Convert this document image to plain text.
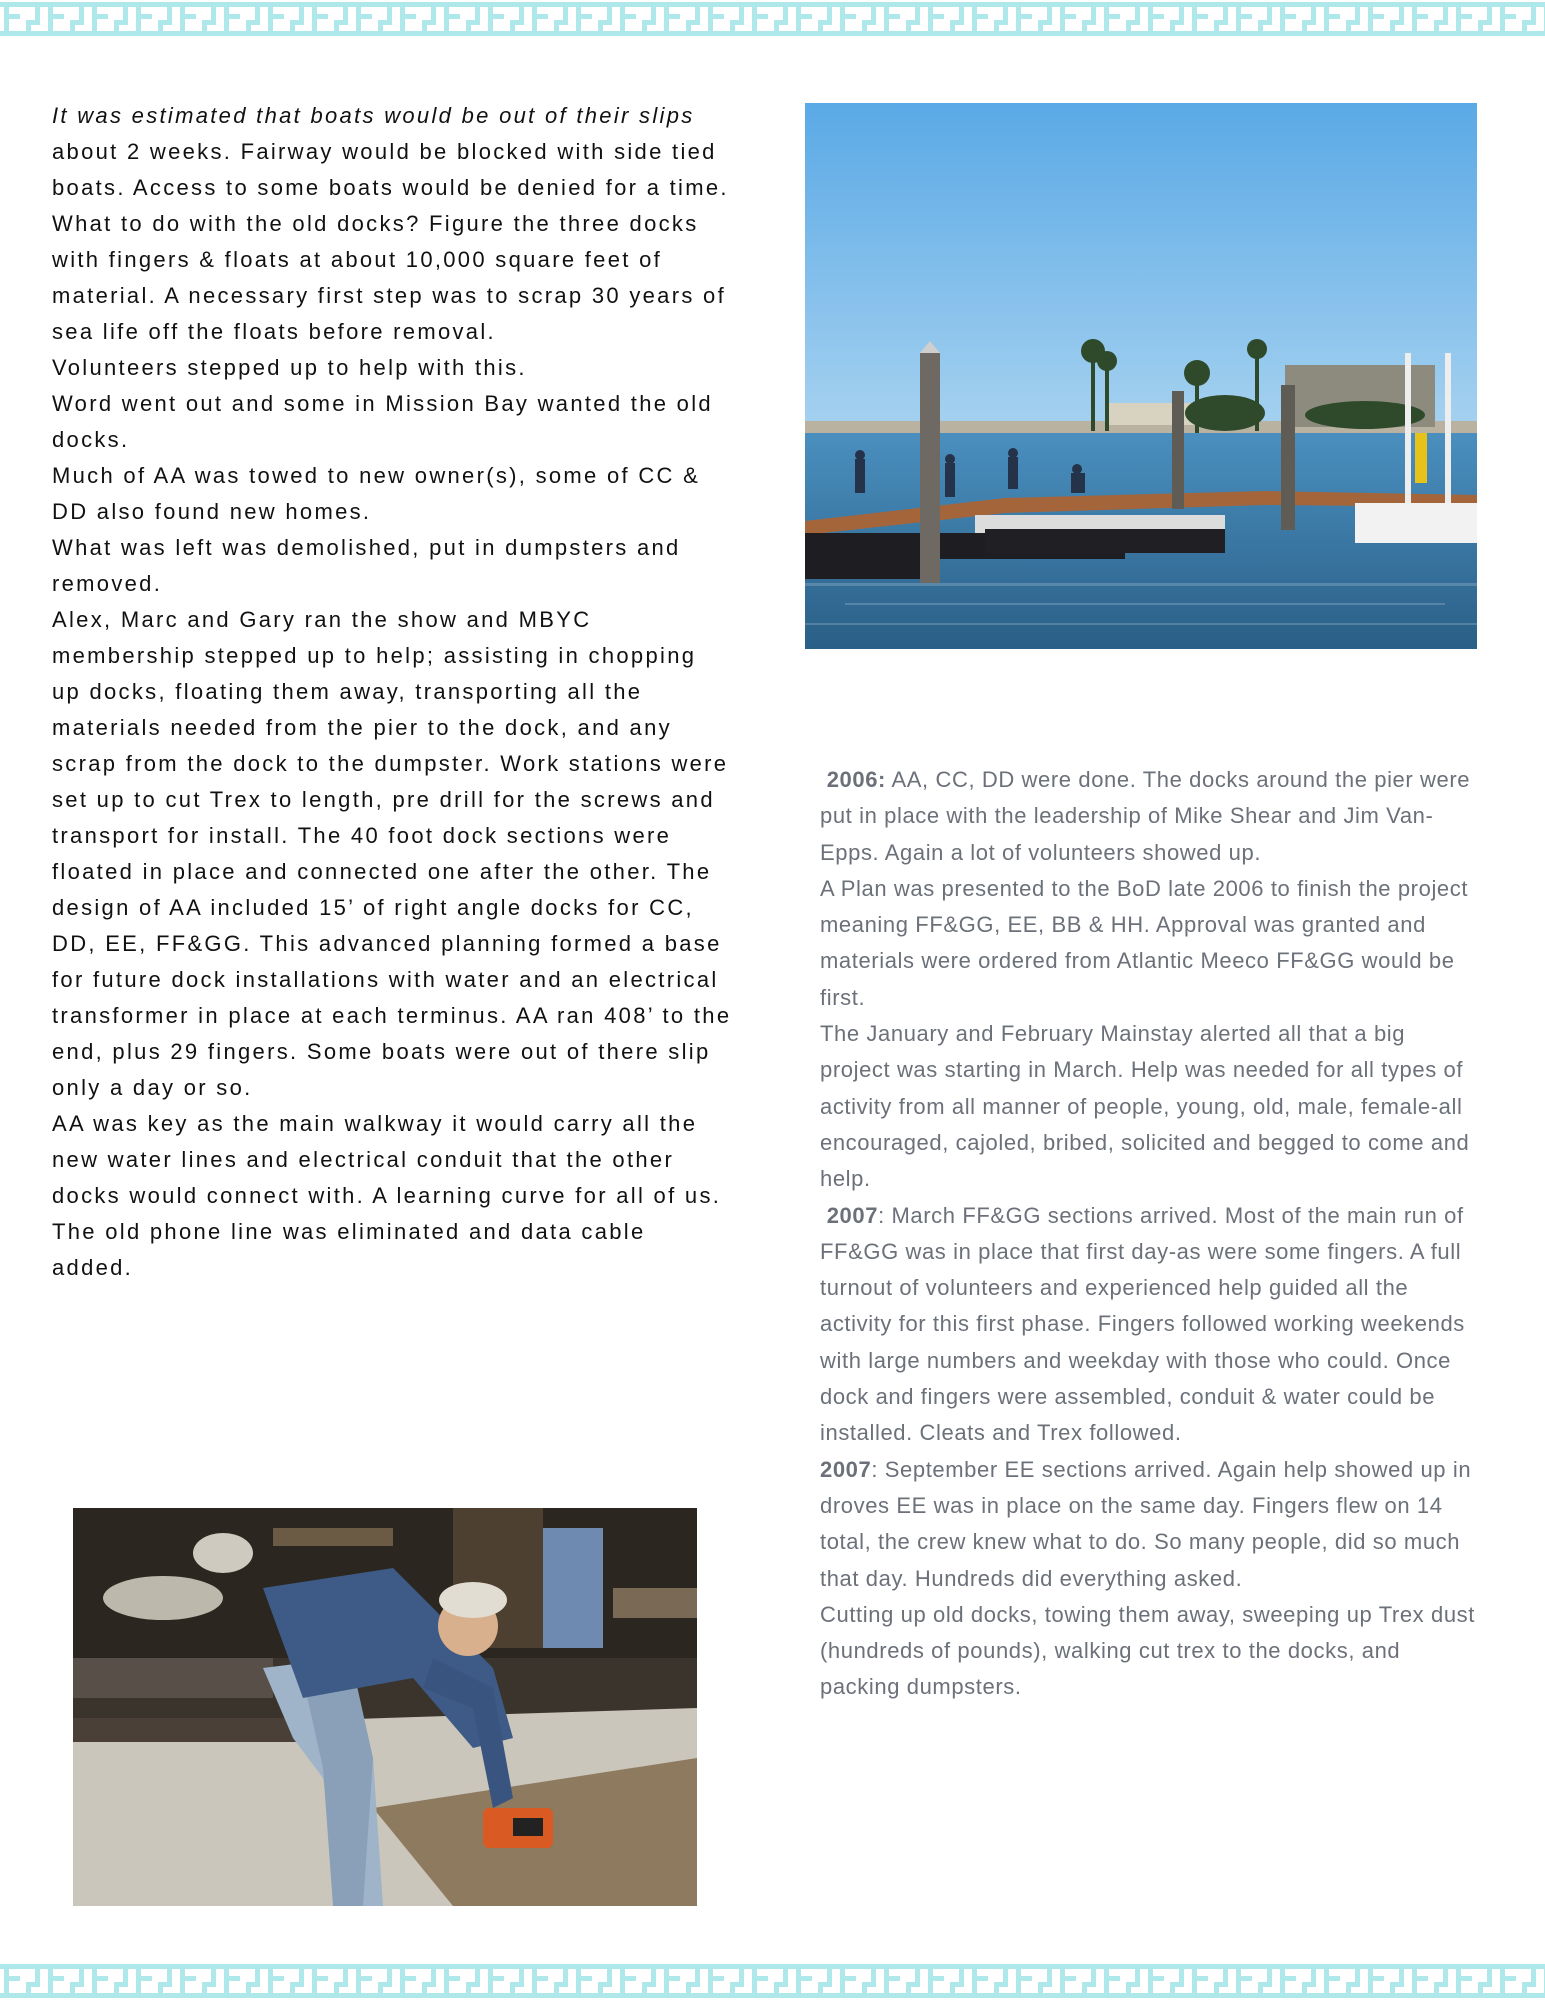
It was estimated that boats would be out of their slips about 2 weeks. Fairway would be blocked with side tied boats. Access to some boats would be denied for a time.

What to do with the old docks? Figure the three docks with fingers & floats at about 10,000 square feet of material. A necessary first step was to scrap 30 years of sea life off the floats before removal.

Volunteers stepped up to help with this.

Word went out and some in Mission Bay wanted the old docks.

Much of AA was towed to new owner(s), some of CC & DD also found new homes.

What was left was demolished, put in dumpsters and removed.

Alex, Marc and Gary ran the show and MBYC membership stepped up to help; assisting in chopping up docks, floating them away, transporting all the materials needed from the pier to the dock, and any scrap from the dock to the dumpster. Work stations were set up to cut Trex to length, pre drill for the screws and transport for install. The 40 foot dock sections were floated in place and connected one after the other. The design of AA included 15’ of right angle docks for CC, DD, EE, FF&GG. This advanced planning formed a base for future dock installations with water and an electrical transformer in place at each terminus. AA ran 408’ to the end, plus 29 fingers. Some boats were out of there slip only a day or so.

AA was key as the main walkway it would carry all the new water lines and electrical conduit that the other docks would connect with. A learning curve for all of us. The old phone line was eliminated and data cable added.

2006: AA, CC, DD were done. The docks around the pier were put in place with the leadership of Mike Shear and Jim Van-Epps. Again a lot of volunteers showed up.

A Plan was presented to the BoD late 2006 to finish the project meaning FF&GG, EE, BB & HH. Approval was granted and materials were ordered from Atlantic Meeco FF&GG would be first.

The January and February Mainstay alerted all that a big project was starting in March. Help was needed for all types of activity from all manner of people, young, old, male, female-all encouraged, cajoled, bribed, solicited and begged to come and help.

2007: March FF&GG sections arrived. Most of the main run of FF&GG was in place that first day-as were some fingers. A full turnout of volunteers and experienced help guided all the activity for this first phase. Fingers followed working weekends with large numbers and weekday with those who could. Once dock and fingers were assembled, conduit & water could be installed. Cleats and Trex followed.

2007: September EE sections arrived. Again help showed up in droves EE was in place on the same day. Fingers flew on 14 total, the crew knew what to do. So many people, did so much that day. Hundreds did everything asked.

Cutting up old docks, towing them away, sweeping up Trex dust (hundreds of pounds), walking cut trex to the docks, and packing dumpsters.
